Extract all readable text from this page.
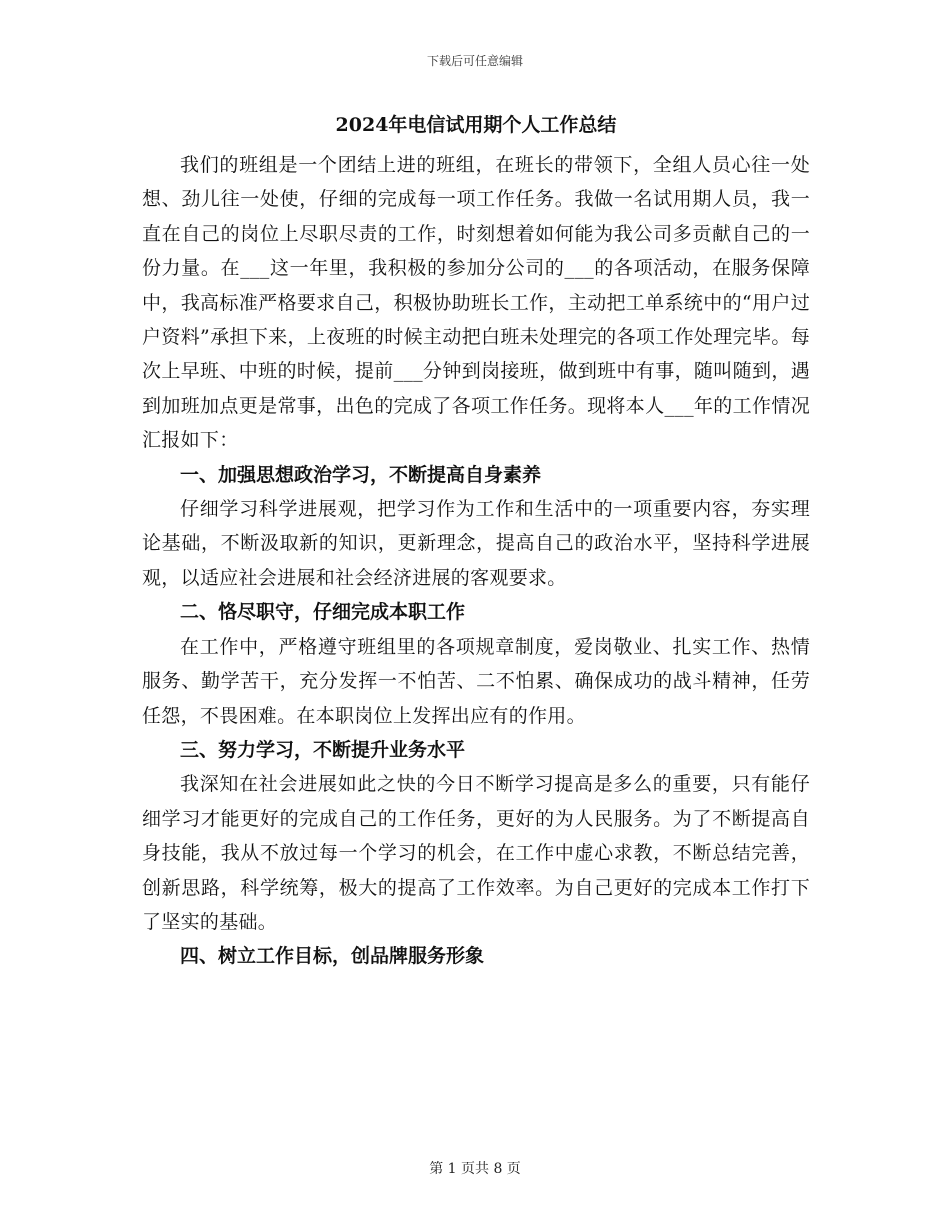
下载后可任意编辑
2024年电信试用期个人工作总结

我们的班组是一个团结上进的班组，在班长的带领下，全组人员心往一处想、劲儿往一处使，仔细的完成每一项工作任务。我做一名试用期人员，我一直在自己的岗位上尽职尽责的工作，时刻想着如何能为我公司多贡献自己的一份力量。在___这一年里，我积极的参加分公司的___的各项活动，在服务保障中，我高标准严格要求自己，积极协助班长工作，主动把工单系统中的“用户过户资料”承担下来，上夜班的时候主动把白班未处理完的各项工作处理完毕。每次上早班、中班的时候，提前___分钟到岗接班，做到班中有事，随叫随到，遇到加班加点更是常事，出色的完成了各项工作任务。现将本人___年的工作情况汇报如下：

一、加强思想政治学习，不断提高自身素养

仔细学习科学进展观，把学习作为工作和生活中的一项重要内容，夯实理论基础，不断汲取新的知识，更新理念，提高自己的政治水平，坚持科学进展观，以适应社会进展和社会经济进展的客观要求。

二、恪尽职守，仔细完成本职工作

在工作中，严格遵守班组里的各项规章制度，爱岗敬业、扎实工作、热情服务、勤学苦干，充分发挥一不怕苦、二不怕累、确保成功的战斗精神，任劳任怨，不畏困难。在本职岗位上发挥出应有的作用。

三、努力学习，不断提升业务水平

我深知在社会进展如此之快的今日不断学习提高是多么的重要，只有能仔细学习才能更好的完成自己的工作任务，更好的为人民服务。为了不断提高自身技能，我从不放过每一个学习的机会，在工作中虚心求教，不断总结完善，创新思路，科学统筹，极大的提高了工作效率。为自己更好的完成本工作打下了坚实的基础。

四、树立工作目标，创品牌服务形象

第 1 页共 8 页
